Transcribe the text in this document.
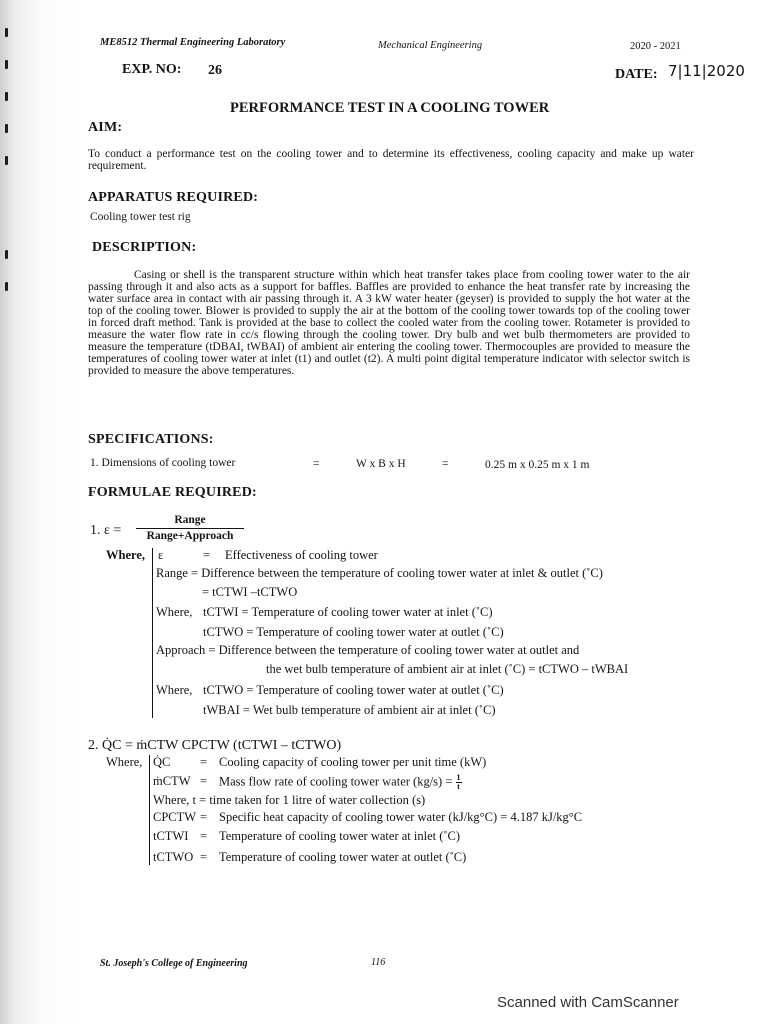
ME8512 Thermal Engineering Laboratory	Mechanical Engineering	2020 - 2021
EXP. NO: 26	DATE: 7|11|2020
PERFORMANCE TEST IN A COOLING TOWER
AIM:
To conduct a performance test on the cooling tower and to determine its effectiveness, cooling capacity and make up water requirement.
APPARATUS REQUIRED:
Cooling tower test rig
DESCRIPTION:
Casing or shell is the transparent structure within which heat transfer takes place from cooling tower water to the air passing through it and also acts as a support for baffles. Baffles are provided to enhance the heat transfer rate by increasing the water surface area in contact with air passing through it. A 3 kW water heater (geyser) is provided to supply the hot water at the top of the cooling tower. Blower is provided to supply the air at the bottom of the cooling tower towards top of the cooling tower in forced draft method. Tank is provided at the base to collect the cooled water from the cooling tower. Rotameter is provided to measure the water flow rate in cc/s flowing through the cooling tower. Dry bulb and wet bulb thermometers are provided to measure the temperature (tDBAI, tWBAI) of ambient air entering the cooling tower. Thermocouples are provided to measure the temperatures of cooling tower water at inlet (t1) and outlet (t2). A multi point digital temperature indicator with selector switch is provided to measure the above temperatures.
SPECIFICATIONS:
1. Dimensions of cooling tower	=	W x B x H	=	0.25 m x 0.25 m x 1 m
FORMULAE REQUIRED:
1. ε =
Range
Range+Approach
Where, ε	= Effectiveness of cooling tower
Range = Difference between the temperature of cooling tower water at inlet & outlet (˚C)
= tCTWI –tCTWO
Where, tCTWI = Temperature of cooling tower water at inlet (˚C)
tCTWO = Temperature of cooling tower water at outlet (˚C)
Approach = Difference between the temperature of cooling tower water at outlet and
the wet bulb temperature of ambient air at inlet (˚C) = tCTWO – tWBAI
Where, tCTWO = Temperature of cooling tower water at outlet (˚C)
tWBAI = Wet bulb temperature of ambient air at inlet (˚C)
2. Q̇C = ṁCTW CPCTW (tCTWI – tCTWO)
Where, Q̇C = Cooling capacity of cooling tower per unit time (kW)
ṁCTW = Mass flow rate of cooling tower water $(kg/s) = \frac{1}{t}$
Where, t = time taken for 1 litre of water collection (s)
CPCTW = Specific heat capacity of cooling tower water (kJ/kg°C) = 4.187 kJ/kg°C
tCTWI = Temperature of cooling tower water at inlet (˚C)
tCTWO = Temperature of cooling tower water at outlet (˚C)
St. Joseph's College of Engineering	116
Scanned with CamScanner
